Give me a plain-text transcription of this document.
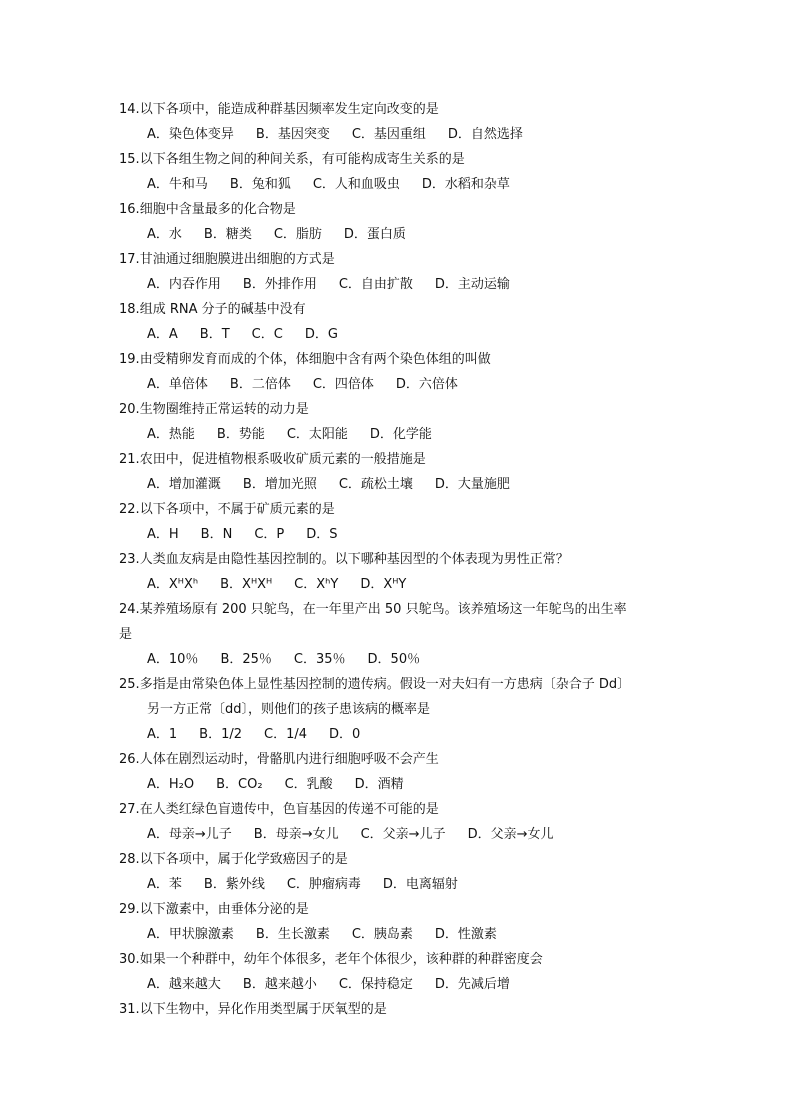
14.以下各项中，能造成种群基因频率发生定向改变的是
A．染色体变异 B．基因突变 C．基因重组 D．自然选择
15.以下各组生物之间的种间关系，有可能构成寄生关系的是
A．牛和马 B．兔和狐 C．人和血吸虫 D．水稻和杂草
16.细胞中含量最多的化合物是
A．水 B．糖类 C．脂肪 D．蛋白质
17.甘油通过细胞膜进出细胞的方式是
A．内吞作用 B．外排作用 C．自由扩散 D．主动运输
18.组成 RNA 分子的碱基中没有
A．A B．T C．C D．G
19.由受精卵发育而成的个体，体细胞中含有两个染色体组的叫做
A．单倍体 B．二倍体 C．四倍体 D．六倍体
20.生物圈维持正常运转的动力是
A．热能 B．势能 C．太阳能 D．化学能
21.农田中，促进植物根系吸收矿质元素的一般措施是
A．增加灌溉 B．增加光照 C．疏松土壤 D．大量施肥
22.以下各项中，不属于矿质元素的是
A．H B．N C．P D．S
23.人类血友病是由隐性基因控制的。以下哪种基因型的个体表现为男性正常？
A．XᴴXʰ B．XᴴXᴴ C．XʰY D．XᴴY
24.某养殖场原有 200 只鸵鸟，在一年里产出 50 只鸵鸟。该养殖场这一年鸵鸟的出生率
是
A．10％ B．25％ C．35％ D．50％
25.多指是由常染色体上显性基因控制的遗传病。假设一对夫妇有一方患病〔杂合子 Dd〕
另一方正常〔dd〕，则他们的孩子患该病的概率是
A．1 B．1/2 C．1/4 D．0
26.人体在剧烈运动时，骨骼肌内进行细胞呼吸不会产生
A．H₂O B．CO₂ C．乳酸 D．酒精
27.在人类红绿色盲遗传中，色盲基因的传递不可能的是
A．母亲→儿子 B．母亲→女儿 C．父亲→儿子 D．父亲→女儿
28.以下各项中，属于化学致癌因子的是
A．苯 B．紫外线 C．肿瘤病毒 D．电离辐射
29.以下激素中，由垂体分泌的是
A．甲状腺激素 B．生长激素 C．胰岛素 D．性激素
30.如果一个种群中，幼年个体很多，老年个体很少，该种群的种群密度会
A．越来越大 B．越来越小 C．保持稳定 D．先减后增
31.以下生物中，异化作用类型属于厌氧型的是
